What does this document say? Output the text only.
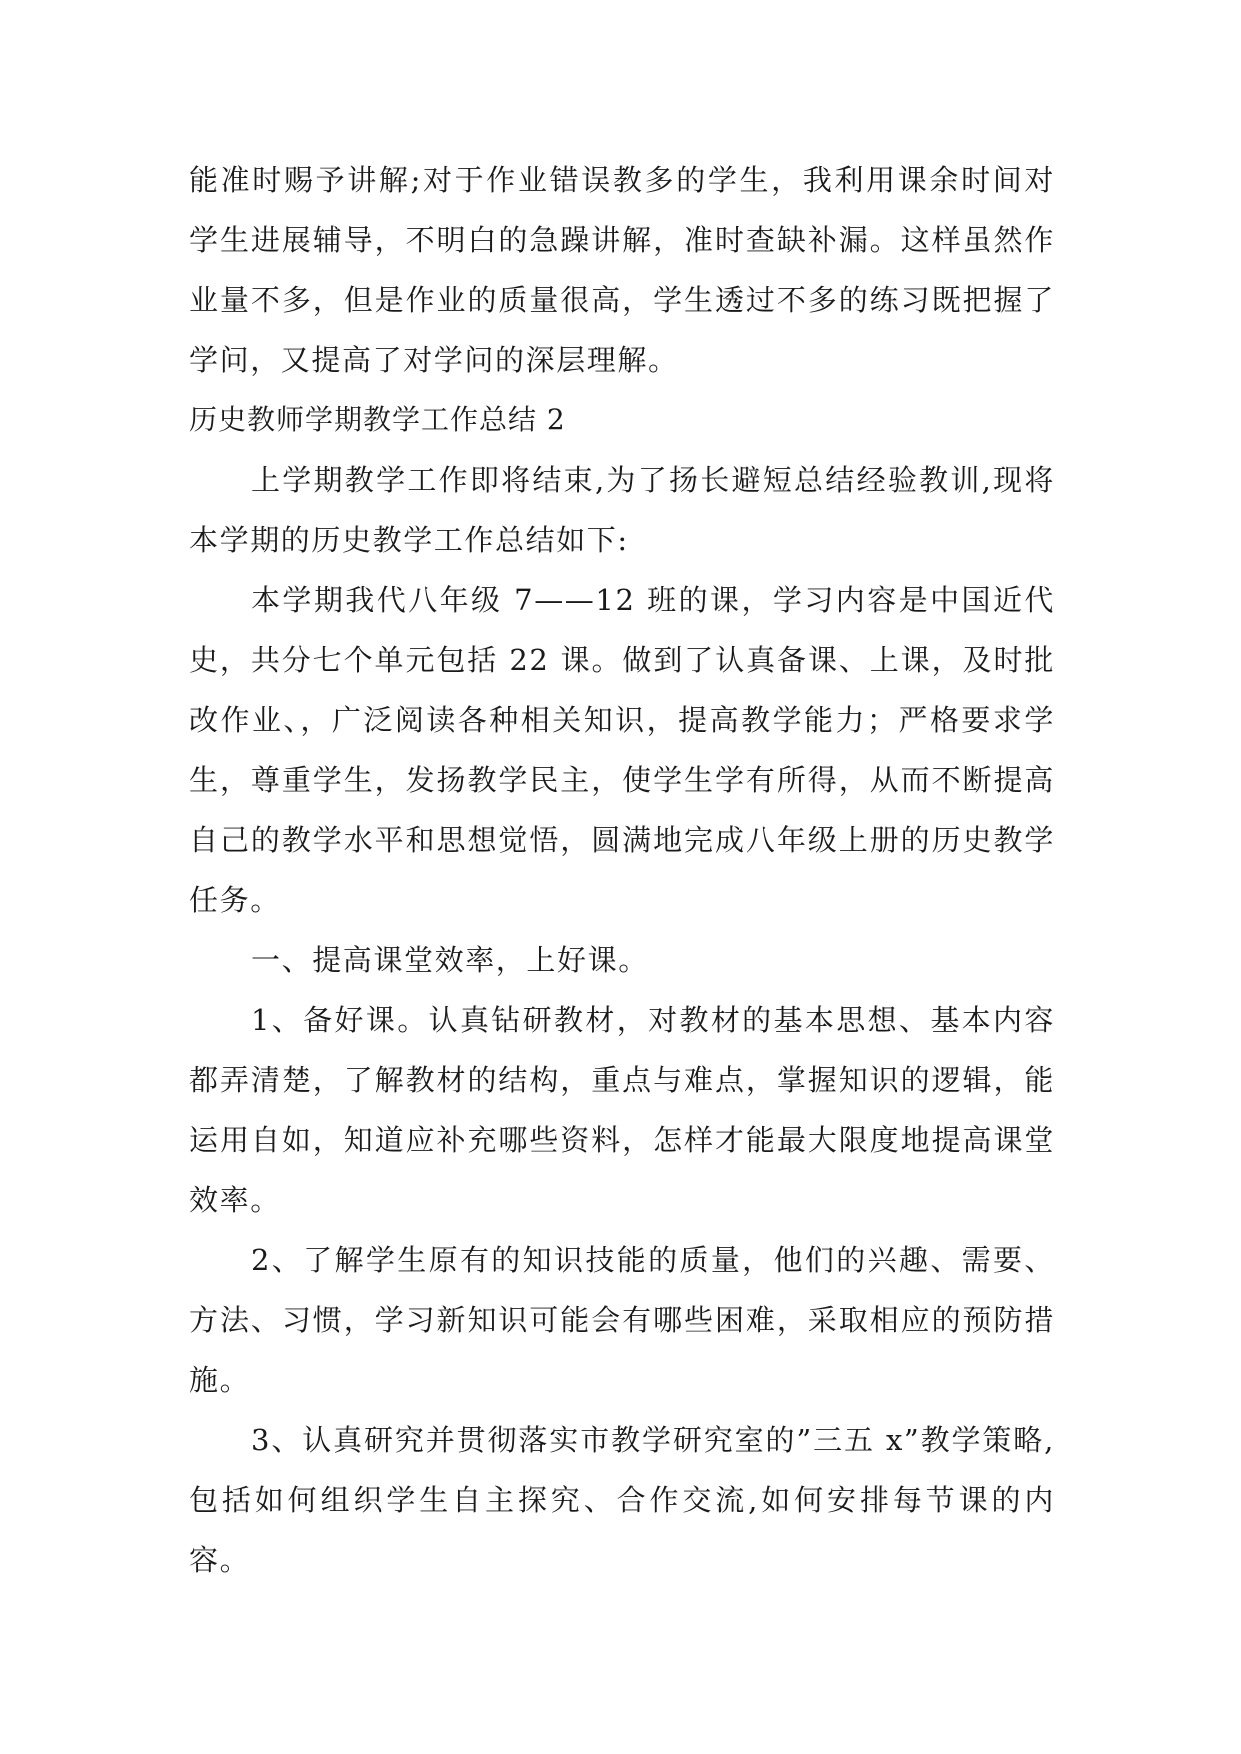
能准时赐予讲解;对于作业错误教多的学生，我利用课余时间对学生进展辅导，不明白的急躁讲解，准时查缺补漏。这样虽然作业量不多，但是作业的质量很高，学生透过不多的练习既把握了学问，又提高了对学问的深层理解。

历史教师学期教学工作总结 2

上学期教学工作即将结束,为了扬长避短总结经验教训,现将本学期的历史教学工作总结如下:

本学期我代八年级 7——12 班的课，学习内容是中国近代史，共分七个单元包括 22 课。做到了认真备课、上课，及时批改作业、，广泛阅读各种相关知识，提高教学能力；严格要求学生，尊重学生，发扬教学民主，使学生学有所得，从而不断提高自己的教学水平和思想觉悟，圆满地完成八年级上册的历史教学任务。

一、提高课堂效率，上好课。

1、备好课。认真钻研教材，对教材的基本思想、基本内容都弄清楚，了解教材的结构，重点与难点，掌握知识的逻辑，能运用自如，知道应补充哪些资料，怎样才能最大限度地提高课堂效率。

2、了解学生原有的知识技能的质量，他们的兴趣、需要、方法、习惯，学习新知识可能会有哪些困难，采取相应的预防措施。

3、认真研究并贯彻落实市教学研究室的”三五 x”教学策略,包括如何组织学生自主探究、合作交流,如何安排每节课的内容。
